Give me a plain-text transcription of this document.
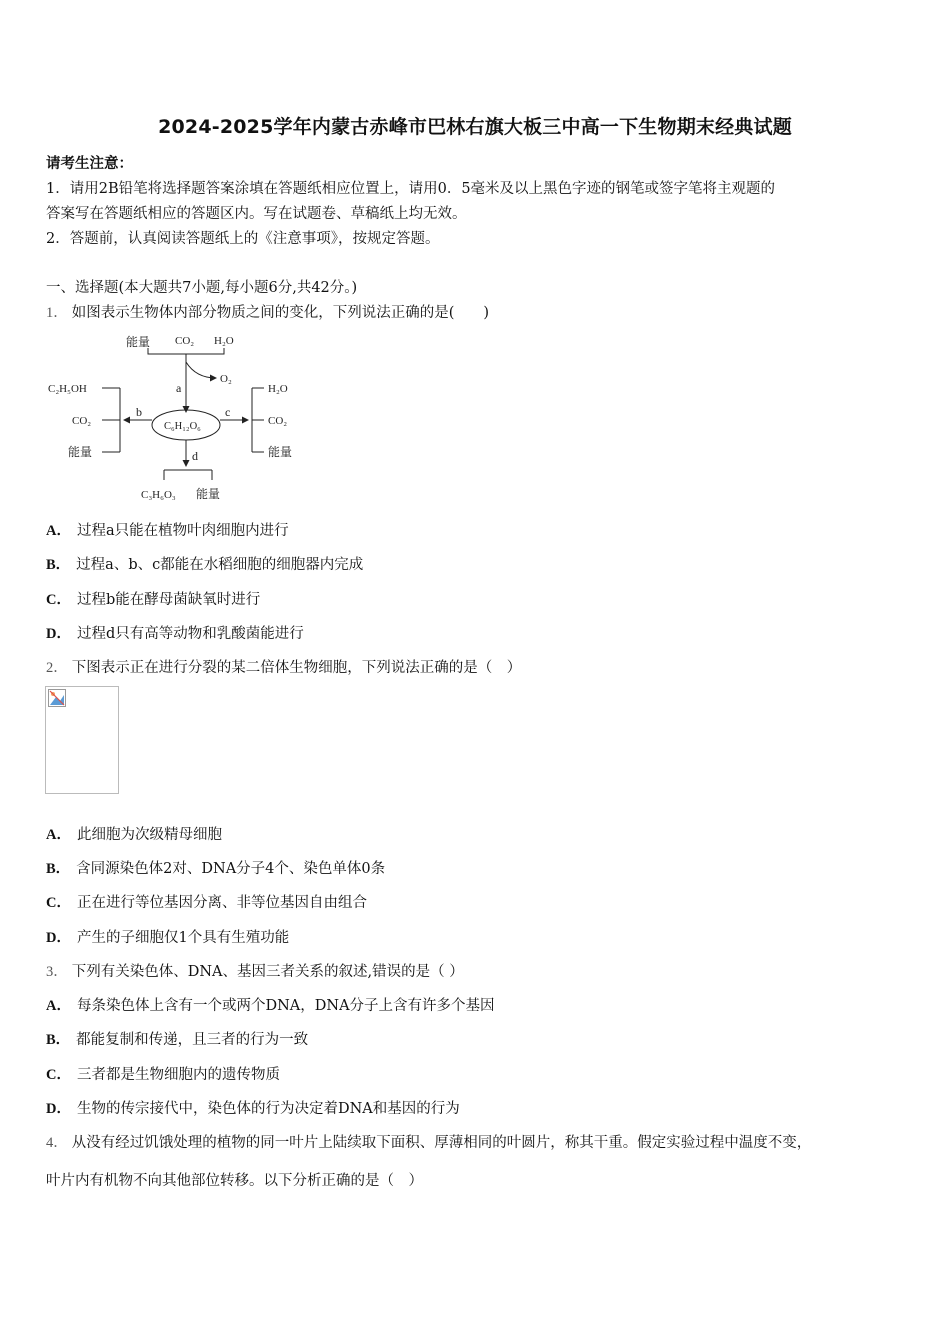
2024-2025学年内蒙古赤峰市巴林右旗大板三中高一下生物期末经典试题
请考生注意：
1．请用2B铅笔将选择题答案涂填在答题纸相应位置上，请用0．5毫米及以上黑色字迹的钢笔或签字笔将主观题的
答案写在答题纸相应的答题区内。写在试题卷、草稿纸上均无效。
2．答题前，认真阅读答题纸上的《注意事项》，按规定答题。
一、选择题(本大题共7小题,每小题6分,共42分。)
1． 如图表示生物体内部分物质之间的变化，下列说法正确的是(　　)
能量 CO₂ H₂O
O₂
a
C₆H₁₂O₆
b	c
d
C₂H₅OH
CO₂
能量
H₂O
CO₂
能量
C₃H₆O₃ 能量
A． 过程a只能在植物叶肉细胞内进行
B． 过程a、b、c都能在水稻细胞的细胞器内完成
C． 过程b能在酵母菌缺氧时进行
D． 过程d只有高等动物和乳酸菌能进行
2． 下图表示正在进行分裂的某二倍体生物细胞，下列说法正确的是（　）
A． 此细胞为次级精母细胞
B． 含同源染色体2对、DNA分子4个、染色单体0条
C． 正在进行等位基因分离、非等位基因自由组合
D． 产生的子细胞仅1个具有生殖功能
3． 下列有关染色体、DNA、基因三者关系的叙述,错误的是（ ）
A． 每条染色体上含有一个或两个DNA，DNA分子上含有许多个基因
B． 都能复制和传递，且三者的行为一致
C． 三者都是生物细胞内的遗传物质
D． 生物的传宗接代中，染色体的行为决定着DNA和基因的行为
4． 从没有经过饥饿处理的植物的同一叶片上陆续取下面积、厚薄相同的叶圆片，称其干重。假定实验过程中温度不变，
叶片内有机物不向其他部位转移。以下分析正确的是（　）
